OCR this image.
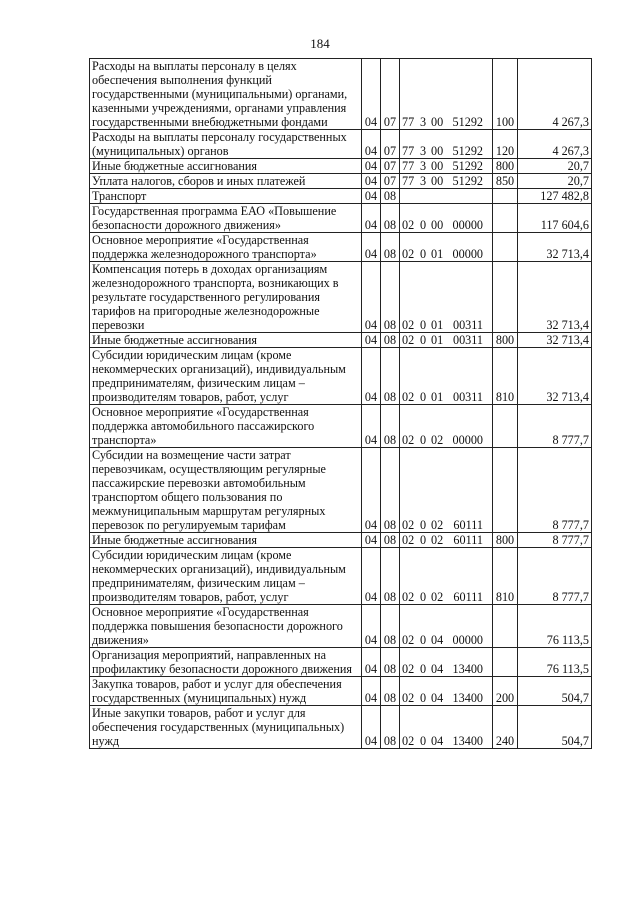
184
Расходы на выплаты персоналу в целях обеспечения выполнения функций государственными (муниципальными) органами, казенными учреждениями, органами управления государственными внебюджетными фондами	04	07	77 3 00 51292	100	4 267,3
Расходы на выплаты персоналу государственных (муниципальных) органов	04	07	77 3 00 51292	120	4 267,3
Иные бюджетные ассигнования	04	07	77 3 00 51292	800	20,7
Уплата налогов, сборов и иных платежей	04	07	77 3 00 51292	850	20,7
Транспорт	04	08			127 482,8
Государственная программа ЕАО «Повышение безопасности дорожного движения»	04	08	02 0 00 00000		117 604,6
Основное мероприятие «Государственная поддержка железнодорожного транспорта»	04	08	02 0 01 00000		32 713,4
Компенсация потерь в доходах организациям железнодорожного транспорта, возникающих в результате государственного регулирования тарифов на пригородные железнодорожные перевозки	04	08	02 0 01 00311		32 713,4
Иные бюджетные ассигнования	04	08	02 0 01 00311	800	32 713,4
Субсидии юридическим лицам (кроме некоммерческих организаций), индивидуальным предпринимателям, физическим лицам – производителям товаров, работ, услуг	04	08	02 0 01 00311	810	32 713,4
Основное мероприятие «Государственная поддержка автомобильного пассажирского транспорта»	04	08	02 0 02 00000		8 777,7
Субсидии на возмещение части затрат перевозчикам, осуществляющим регулярные пассажирские перевозки автомобильным транспортом общего пользования по межмуниципальным маршрутам регулярных перевозок по регулируемым тарифам	04	08	02 0 02 60111		8 777,7
Иные бюджетные ассигнования	04	08	02 0 02 60111	800	8 777,7
Субсидии юридическим лицам (кроме некоммерческих организаций), индивидуальным предпринимателям, физическим лицам – производителям товаров, работ, услуг	04	08	02 0 02 60111	810	8 777,7
Основное мероприятие «Государственная поддержка повышения безопасности дорожного движения»	04	08	02 0 04 00000		76 113,5
Организация мероприятий, направленных на профилактику безопасности дорожного движения	04	08	02 0 04 13400		76 113,5
Закупка товаров, работ и услуг для обеспечения государственных (муниципальных) нужд	04	08	02 0 04 13400	200	504,7
Иные закупки товаров, работ и услуг для обеспечения государственных (муниципальных) нужд	04	08	02 0 04 13400	240	504,7
